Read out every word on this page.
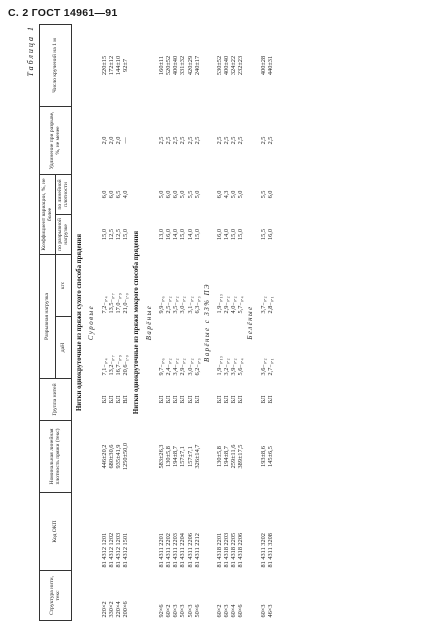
С. 2 ГОСТ 14961—91
Таблица 1
Структура нити, текс	Код ОКП	Номинальная линейная плотность пряжи (текс)	Группа нитей	Разрывная нагрузка		Коэффициент вариации, %, не более		Удлинение при разрыве, %, не менее	Число кручений на 1 м
				даН	кгс	по разрывной нагрузке	по линейной плотности		

Нитки однокруточные из пряжи сухого способа прядения									
Суровые									
220×2	81 4312 1201	446±20,2	БЛ	7,1₋₀.₄	7,2₋₀.₄	15,0	6,0	2,0	220±15
330×2	81 4312 1202	680±30,6	БЛ	13,2₋₀.₇	13,5₋₀.₇	12,5	6,0	2,0	172±12
220×4	81 4312 1203	935±41,9	БЛ	16,7₋₀.₉	17,0₋₀.₉	12,5	6,5	2,0	144±10
200×6	81 4312 1501	1250±50,0	ВЛ	20,6₋₁.₀	21,0₋₁.₀	15,0	4,0	—	92±7
Нитки однокруточные из пряжи мокрого способа прядения									
Варёные									
92×6	81 4311 2201	583±26,3	БЛ	9,7₋₀.₆	9,9₋₀.₆	13,0	5,0	2,5	160±11
60×2	81 4311 2202	130±5,8	БЛ	2,4₋₀.₂	2,5₋₀.₂	16,0	6,0	2,5	520±52
60×3	81 4311 2203	194±8,7	БЛ	3,4₋₀.₂	3,5₋₀.₂	14,0	6,0	2,5	400±40
50×3	81 4311 2204	157±7,1	БЛ	2,9₋₀.₂	3,0₋₀.₂	15,0	5,0	2,5	331±32
50×3	81 4311 2206	157±7,1	БЛ	3,0₋₀.₂	3,1₋₀.₂	14,0	5,5	2,5	420±29
50×6	81 4311 2212	326±14,7	БЛ	6,2₋₀.₃	6,3₋₀.₃	15,0	5,0	2,5	240±17
Варёные с 33% ПЭ									
60×2	81 4318 2201	130±5,8	БЛ	1,9₋₀.₁₃	1,9₋₀.₁₃	16,0	6,0	2,5	530±52
60×3	81 4318 2203	194±8,7	БЛ	3,2₋₀.₂	2,9₋₀.₂	14,0	4,3	2,5	400±40
60×4	81 4318 2205	259±11,6	БЛ	3,9₋₀.₂	4,0₋₀.₂	15,0	5,0	2,5	324±22
60×6	81 4318 2206	389±17,5	БЛ	5,6₋₀.₄	5,7₋₀.₄	15,0	5,0	2,5	232±23
Белёные									
60×3	81 4311 3202	193±8,6	БЛ	3,6₋₀.₂	3,7₋₀.₂	15,5	5,5	2,5	400±28
46×3	81 4311 3208	145±6,5	БЛ	2,7₋₀.₁	2,8₋₀.₁	16,0	6,0	2,5	440±31
